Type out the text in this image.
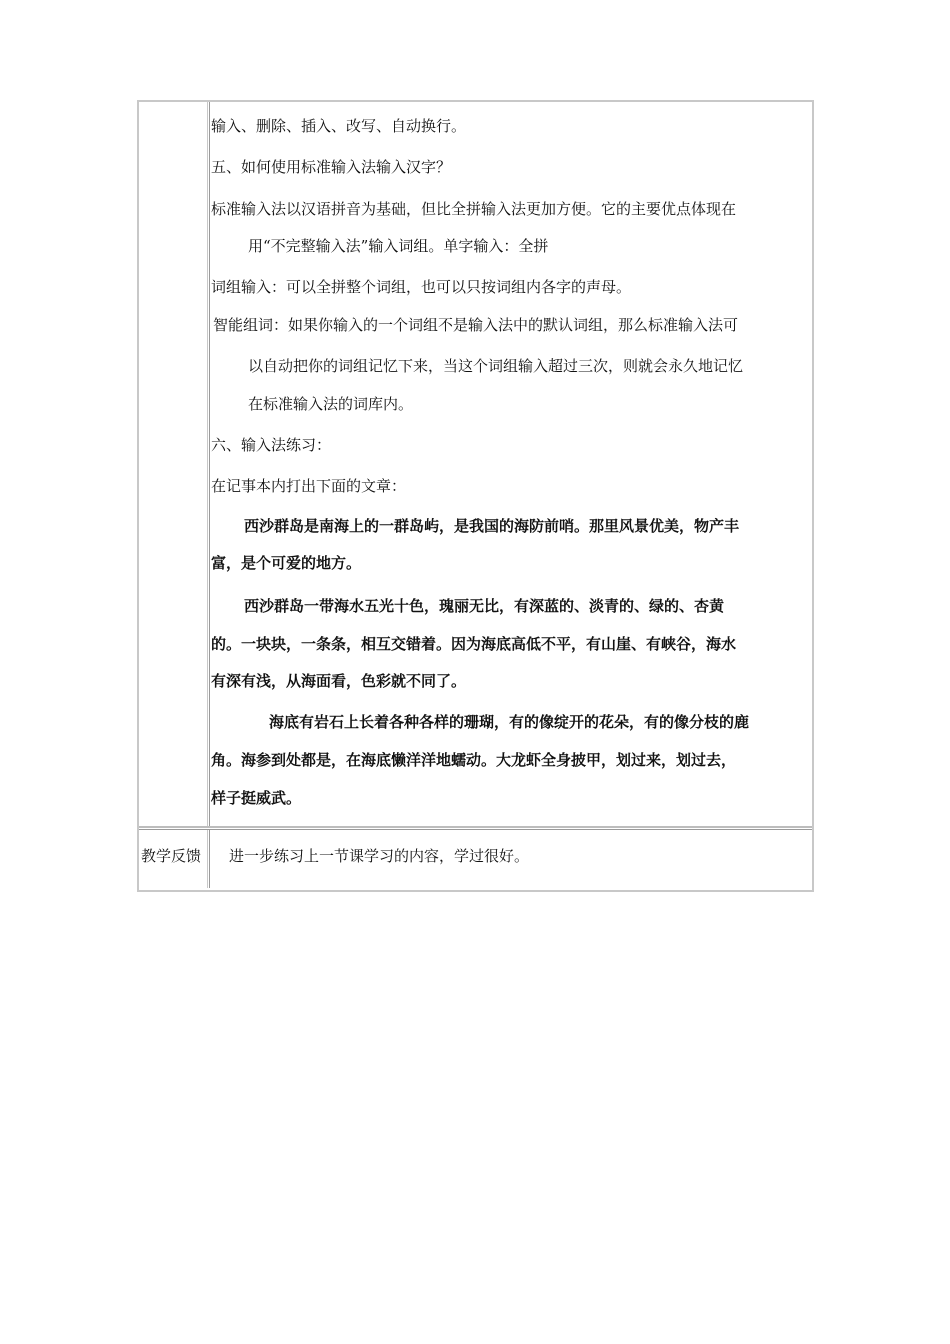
输入、删除、插入、改写、自动换行。
五、如何使用标准输入法输入汉字？
标准输入法以汉语拼音为基础，但比全拼输入法更加方便。它的主要优点体现在
用“不完整输入法”输入词组。单字输入：全拼
词组输入：可以全拼整个词组，也可以只按词组内各字的声母。
智能组词：如果你输入的一个词组不是输入法中的默认词组，那么标准输入法可
以自动把你的词组记忆下来，当这个词组输入超过三次，则就会永久地记忆
在标准输入法的词库内。
六、输入法练习：
在记事本内打出下面的文章：
西沙群岛是南海上的一群岛屿，是我国的海防前哨。那里风景优美，物产丰
富，是个可爱的地方。
西沙群岛一带海水五光十色，瑰丽无比，有深蓝的、淡青的、绿的、杏黄
的。一块块，一条条，相互交错着。因为海底高低不平，有山崖、有峡谷，海水
有深有浅，从海面看，色彩就不同了。
海底有岩石上长着各种各样的珊瑚，有的像绽开的花朵，有的像分枝的鹿
角。海参到处都是，在海底懒洋洋地蠕动。大龙虾全身披甲，划过来，划过去，
样子挺威武。
教学反馈 进一步练习上一节课学习的内容，学过很好。
